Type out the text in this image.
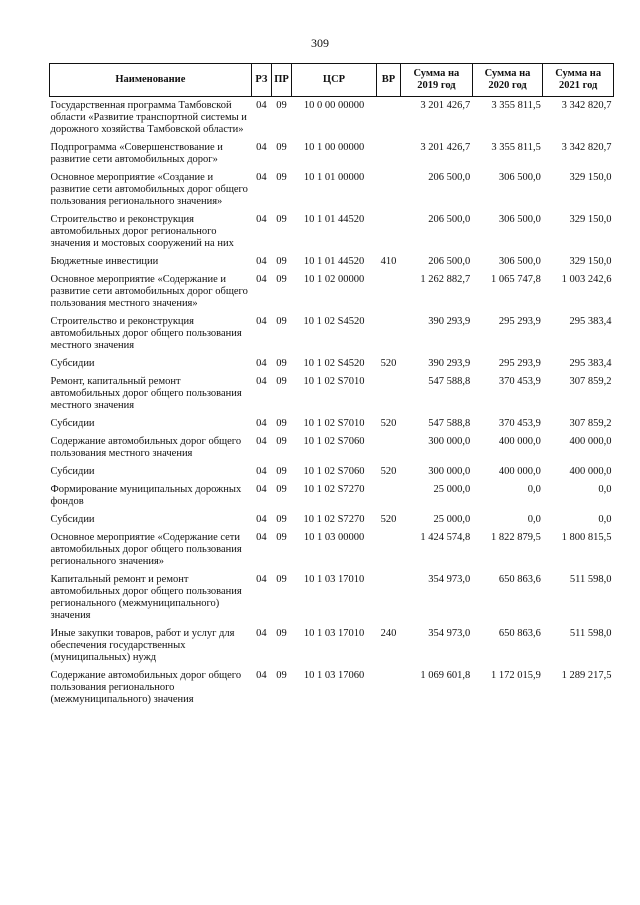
309
Наименование	РЗ	ПР	ЦСР	ВР	Сумма на 2019 год	Сумма на 2020 год	Сумма на 2021 год
Государственная программа Тамбовской области «Развитие транспортной системы и дорожного хозяйства Тамбовской области»	04	09	10 0 00 00000		3 201 426,7	3 355 811,5	3 342 820,7
Подпрограмма «Совершенствование и развитие сети автомобильных дорог»	04	09	10 1 00 00000		3 201 426,7	3 355 811,5	3 342 820,7
Основное мероприятие «Создание и развитие сети автомобильных дорог общего пользования регионального значения»	04	09	10 1 01 00000		206 500,0	306 500,0	329 150,0
Строительство и реконструкция автомобильных дорог регионального значения и мостовых сооружений на них	04	09	10 1 01 44520		206 500,0	306 500,0	329 150,0
Бюджетные инвестиции	04	09	10 1 01 44520	410	206 500,0	306 500,0	329 150,0
Основное мероприятие «Содержание и развитие сети автомобильных дорог общего пользования местного значения»	04	09	10 1 02 00000		1 262 882,7	1 065 747,8	1 003 242,6
Строительство и реконструкция автомобильных дорог общего пользования местного значения	04	09	10 1 02 S4520		390 293,9	295 293,9	295 383,4
Субсидии	04	09	10 1 02 S4520	520	390 293,9	295 293,9	295 383,4
Ремонт, капитальный ремонт автомобильных дорог общего пользования местного значения	04	09	10 1 02 S7010		547 588,8	370 453,9	307 859,2
Субсидии	04	09	10 1 02 S7010	520	547 588,8	370 453,9	307 859,2
Содержание автомобильных дорог общего пользования местного значения	04	09	10 1 02 S7060		300 000,0	400 000,0	400 000,0
Субсидии	04	09	10 1 02 S7060	520	300 000,0	400 000,0	400 000,0
Формирование муниципальных дорожных фондов	04	09	10 1 02 S7270		25 000,0	0,0	0,0
Субсидии	04	09	10 1 02 S7270	520	25 000,0	0,0	0,0
Основное мероприятие «Содержание сети автомобильных дорог общего пользования регионального значения»	04	09	10 1 03 00000		1 424 574,8	1 822 879,5	1 800 815,5
Капитальный ремонт и ремонт автомобильных дорог общего пользования регионального (межмуниципального) значения	04	09	10 1 03 17010		354 973,0	650 863,6	511 598,0
Иные закупки товаров, работ и услуг для обеспечения государственных (муниципальных) нужд	04	09	10 1 03 17010	240	354 973,0	650 863,6	511 598,0
Содержание автомобильных дорог общего пользования регионального (межмуниципального) значения	04	09	10 1 03 17060		1 069 601,8	1 172 015,9	1 289 217,5
